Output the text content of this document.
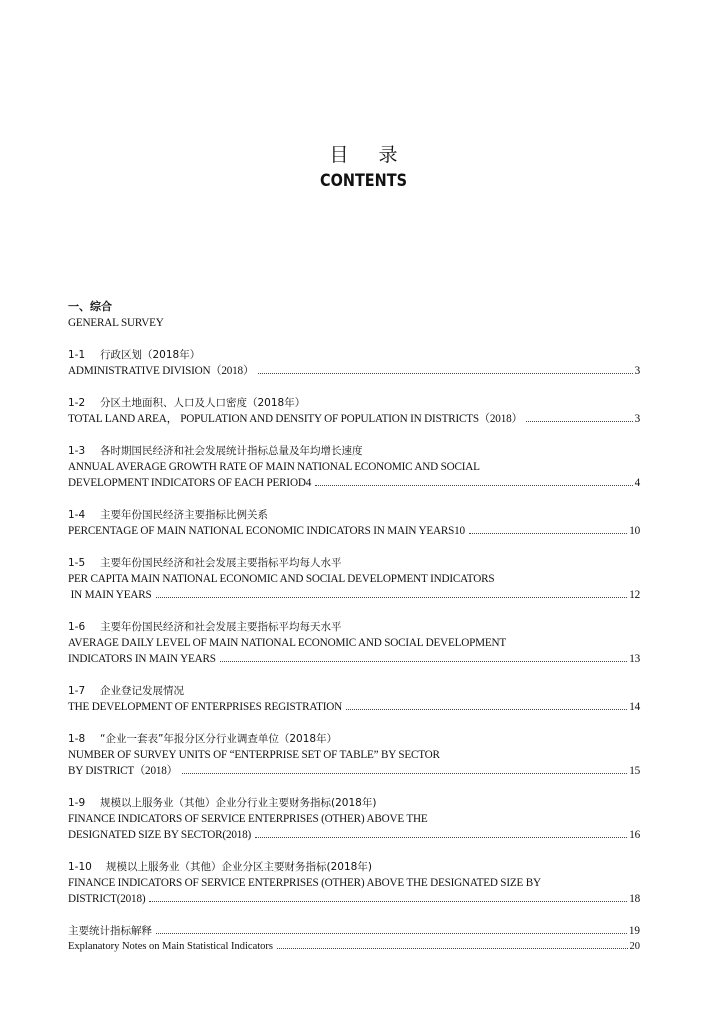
目录
CONTENTS
一、综合
GENERAL SURVEY
1-1 行政区划（2018年）
ADMINISTRATIVE DIVISION（2018）	3
1-2 分区土地面积、人口及人口密度（2018年）
TOTAL LAND AREA， POPULATION AND DENSITY OF POPULATION IN DISTRICTS（2018）	3
1-3 各时期国民经济和社会发展统计指标总量及年均增长速度
ANNUAL AVERAGE GROWTH RATE OF MAIN NATIONAL ECONOMIC AND SOCIAL
DEVELOPMENT INDICATORS OF EACH PERIOD4	4
1-4 主要年份国民经济主要指标比例关系
PERCENTAGE OF MAIN NATIONAL ECONOMIC INDICATORS IN MAIN YEARS10	10
1-5 主要年份国民经济和社会发展主要指标平均每人水平
PER CAPITA MAIN NATIONAL ECONOMIC AND SOCIAL DEVELOPMENT INDICATORS
IN MAIN YEARS	12
1-6 主要年份国民经济和社会发展主要指标平均每天水平
AVERAGE DAILY LEVEL OF MAIN NATIONAL ECONOMIC AND SOCIAL DEVELOPMENT
INDICATORS IN MAIN YEARS	13
1-7 企业登记发展情况
THE DEVELOPMENT OF ENTERPRISES REGISTRATION	14
1-8 “企业一套表”年报分区分行业调查单位（2018年）
NUMBER OF SURVEY UNITS OF “ENTERPRISE SET OF TABLE” BY SECTOR
BY DISTRICT（2018）	15
1-9 规模以上服务业（其他）企业分行业主要财务指标(2018年)
FINANCE INDICATORS OF SERVICE ENTERPRISES (OTHER) ABOVE THE
DESIGNATED SIZE BY SECTOR(2018)	16
1-10 规模以上服务业（其他）企业分区主要财务指标(2018年)
FINANCE INDICATORS OF SERVICE ENTERPRISES (OTHER) ABOVE THE DESIGNATED SIZE BY
DISTRICT(2018)	18
主要统计指标解释	19
Explanatory Notes on Main Statistical Indicators	20
